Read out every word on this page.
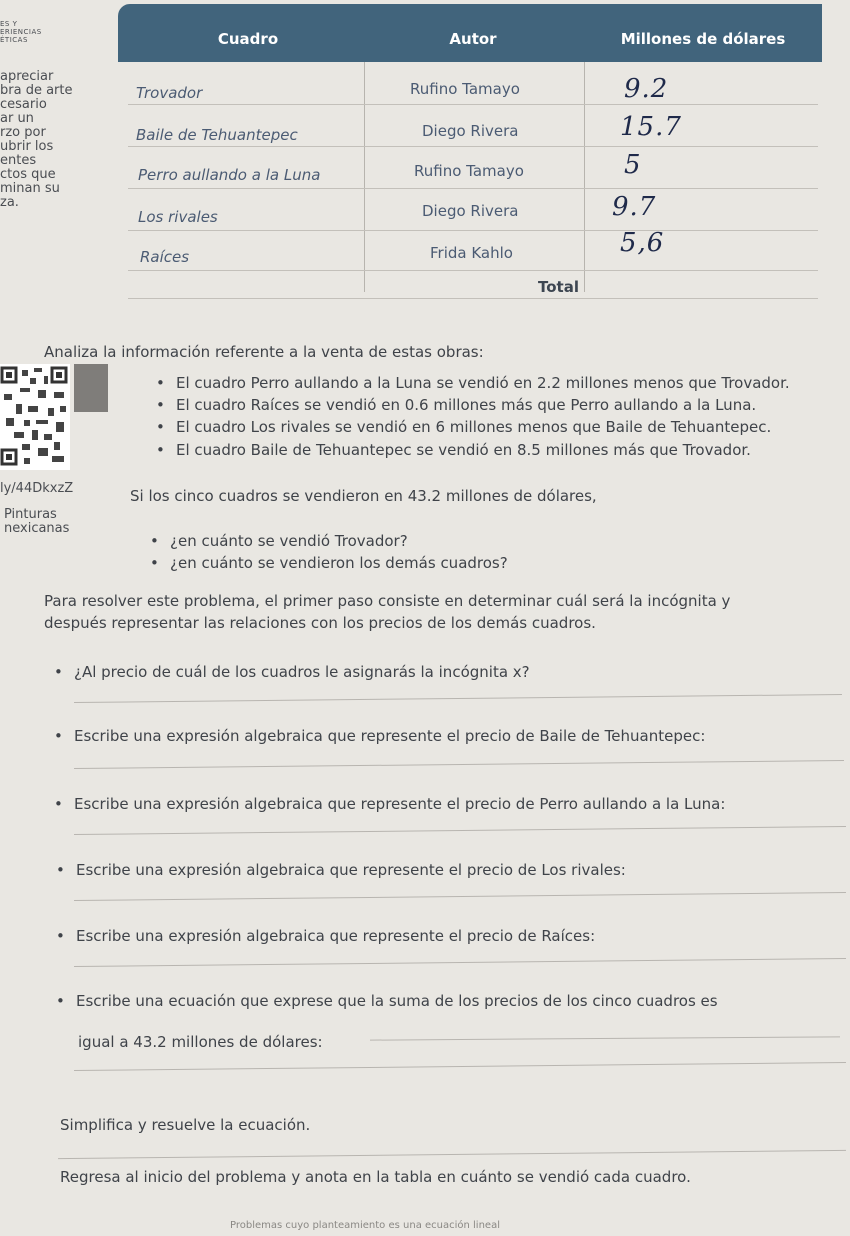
ES Y
ERIENCIAS
ÉTICAS
apreciar
bra de arte
cesario
ar un
rzo por
ubrir los
entes
ctos que
minan su
za.
ly/44DkxzZ
Pinturas
nexicanas
Cuadro	Autor	Millones de dólares
Trovador	Rufino Tamayo	9.2
Baile de Tehuantepec	Diego Rivera	15.7
Perro aullando a la Luna	Rufino Tamayo	5
Los rivales	Diego Rivera	9.7
Raíces	Frida Kahlo	5,6
Total
Analiza la información referente a la venta de estas obras:
• El cuadro Perro aullando a la Luna se vendió en 2.2 millones menos que Trovador.
• El cuadro Raíces se vendió en 0.6 millones más que Perro aullando a la Luna.
• El cuadro Los rivales se vendió en 6 millones menos que Baile de Tehuantepec.
• El cuadro Baile de Tehuantepec se vendió en 8.5 millones más que Trovador.
Si los cinco cuadros se vendieron en 43.2 millones de dólares,
• ¿en cuánto se vendió Trovador?
• ¿en cuánto se vendieron los demás cuadros?
Para resolver este problema, el primer paso consiste en determinar cuál será la incógnita y
después representar las relaciones con los precios de los demás cuadros.
• ¿Al precio de cuál de los cuadros le asignarás la incógnita x?
• Escribe una expresión algebraica que represente el precio de Baile de Tehuantepec:
• Escribe una expresión algebraica que represente el precio de Perro aullando a la Luna:
• Escribe una expresión algebraica que represente el precio de Los rivales:
• Escribe una expresión algebraica que represente el precio de Raíces:
• Escribe una ecuación que exprese que la suma de los precios de los cinco cuadros es
igual a 43.2 millones de dólares:
Simplifica y resuelve la ecuación.
Regresa al inicio del problema y anota en la tabla en cuánto se vendió cada cuadro.
Problemas cuyo planteamiento es una ecuación lineal
